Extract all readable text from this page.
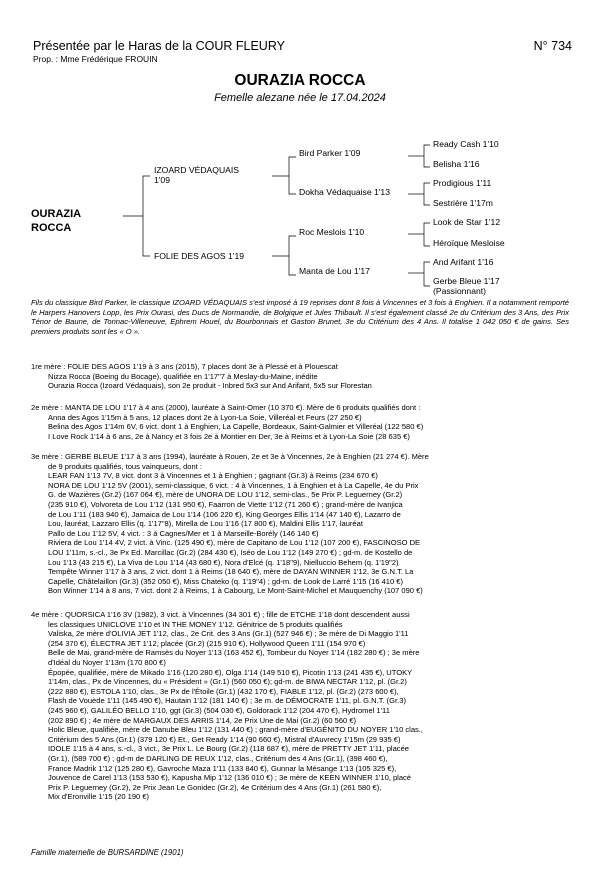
Présentée par le Haras de la COUR FLEURY
Prop. : Mme Frédérique FROUIN
N° 734
OURAZIA ROCCA
Femelle alezane née le 17.04.2024
OURAZIA
ROCCA
IZOARD VÉDAQUAIS
1'09
FOLIE DES AGOS 1'19
Bird Parker 1'09
Dokha Védaquaise 1'13
Roc Meslois 1'10
Manta de Lou 1'17
Ready Cash 1'10
Belisha 1'16
Prodigious 1'11
Sestrière 1'17m
Look de Star 1'12
Héroïque Mesloise
And Arifant 1'16
Gerbe Bleue 1'17
(Passionnant)
Fils du classique Bird Parker, le classique IZOARD VÉDAQUAIS s'est imposé à 19 reprises dont 8 fois à Vincennes et 3 fois à Enghien. Il a notamment remporté le Harpers Hanovers Lopp, les Prix Ourasi, des Ducs de Normandie, de Bolgique et Jules Thibault. Il s'est également classé 2e du Critérium des 3 Ans, des Prix Ténor de Baune, de Tonnac-Villeneuve, Ephrem Houel, du Bourbonnais et Gaston Brunet, 3e du Critérium des 4 Ans. Il totalise 1 042 050 € de gains. Ses premiers produits sont les « O ».

1re mère : FOLIE DES AGOS 1'19 à 3 ans (2015), 7 places dont 3e à Plessé et à Plouescat

Nizza Rocca (Boeing du Bocage), qualifiée en 1'17"7 à Meslay-du-Maine, inédite

Ourazia Rocca (Izoard Védaquais), son 2e produit - Inbred 5x3 sur And Arifant, 5x5 sur Florestan

2e mère : MANTA DE LOU 1'17 à 4 ans (2000), lauréate à Saint-Omer (10 370 €). Mère de 6 produits qualifiés dont :

Anna des Agos 1'15m à 5 ans, 12 places dont 2e à Lyon-La Soie, Villeréal et Feurs (27 250 €)

Belina des Agos 1'14m 6V, 6 vict. dont 1 à Enghien, La Capelle, Bordeaux, Saint-Galmier et Villeréal (122 580 €)

I Love Rock 1'14 à 6 ans, 2e à Nancy et 3 fois 2e à Montier en Der, 3e à Reims et à Lyon-La Soie (28 635 €)

3e mère : GERBE BLEUE 1'17 à 3 ans (1994), lauréate à Rouen, 2e et 3e à Vincennes, 2e à Enghien (21 274 €). Mère

de 9 produits qualifiés, tous vainqueurs, dont :

LEAR FAN 1'13 7V, 8 vict. dont 3 à Vincennes et 1 à Enghien ; gagnant (Gr.3) à Reims (234 670 €)

NORA DE LOU 1'12 5V (2001), semi-classique, 6 vict. : 4 à Vincennes, 1 à Enghien et à La Capelle, 4e du Prix

G. de Wazières (Gr.2) (167 064 €), mère de UNORA DE LOU 1'12, semi-clas., 5e Prix P. Leguerney (Gr.2)

(235 910 €), Volvoreta de Lou 1'12 (131 950 €), Faarron de Viette 1'12 (71 260 €) ; grand-mère de Ivanjica

de Lou 1'11 (183 940 €), Jamaica de Lou 1'14 (106 220 €), King Georges Ellis 1'14 (47 140 €), Lazarro de

Lou, lauréat, Lazzaro Ellis (q. 1'17"8), Mirella de Lou 1'16 (17 800 €), Maldini Ellis 1'17, lauréat

Pallo de Lou 1'12 5V, 4 vict. : 3 à Cagnes/Mer et 1 à Marseille-Borély (146 140 €)

Riviera de Lou 1'14 4V, 2 vict. à Vinc. (125 490 €), mère de Capitano de Lou 1'12 (107 200 €), FASCINOSO DE

LOU 1'11m, s.-cl., 3e Px Ed. Marcillac (Gr.2) (284 430 €), Iséo de Lou 1'12 (149 270 €) ; gd-m. de Kostello de

Lou 1'13 (43 215 €), La Viva de Lou 1'14 (43 680 €), Nora d'Elcé (q. 1'18"9), Nielluccio Behem (q. 1'19"2)

Tempête Winner 1'17 à 3 ans, 2 vict. dont 1 à Reims (18 640 €), mère de DAYAN WINNER 1'12, 3e G.N.T. La

Capelle, Châtelaillon (Gr.3) (352 050 €), Miss Chateko (q. 1'19"4) ; gd-m. de Look de Larré 1'15 (16 410 €)

Bon Winner 1'14 à 8 ans, 7 vict. dont 2 à Reims, 1 à Cabourg, Le Mont-Saint-Michel et Mauquenchy (107 090 €)

4e mère : QUORSICA 1'16 3V (1982), 3 vict. à Vincennes (34 301 €) ; fille de ETCHE 1'18 dont descendent aussi

les classiques UNICLOVE 1'10 et IN THE MONEY 1'12. Génitrice de 5 produits qualifiés

Valiska, 2e mère d'OLIVIA JET 1'12, clas., 2e Crit. des 3 Ans (Gr.1) (527 946 €) ; 3e mère de Di Maggio 1'11

(254 370 €), ÉLECTRA JET 1'12, placée (Gr.2) (215 910 €), Hollywood Queen 1'11 (154 970 €)

Belle de Mai, grand-mère de Ramsès du Noyer 1'13 (163 452 €), Tombeur du Noyer 1'14 (182 280 €) ; 3e mère

d'Idéal du Noyer 1'13m (170 800 €)

Épopée, qualifiée, mère de Mikado 1'16 (120 280 €), Olga 1'14 (149 510 €), Picotin 1'13 (241 435 €), UTOKY

1'14m, clas., Px de Vincennes, du « Président » (Gr.1) (560 050 €); gd-m. de BIWA NECTAR 1'12, pl. (Gr.2)

(222 880 €), ESTOLA 1'10, clas., 3e Px de l'Étoile (Gr.1) (432 170 €), FIABLE 1'12, pl. (Gr.2) (273 600 €),

Flash de Vouède 1'11 (145 490 €), Hautain 1'12 (181 140 €) ; 3e m. de DÉMOCRATE 1'11, pl. G.N.T. (Gr.3)

(245 960 €), GALILÉO BELLO 1'10, ggt (Gr.3) (504 030 €), Goldorack 1'12 (204 470 €), Hydromel 1'11

(202 890 €) ; 4e mère de MARGAUX DES ARRIS 1'14, 2e Prix Une de Mai (Gr.2) (60 560 €)

Holic Bleue, qualifiée, mère de Danube Bleu 1'12 (131 440 €) ; grand-mère d'EUGÉNITO DU NOYER 1'10 clas.,

Critérium des 5 Ans (Gr.1) (379 120 €) Et., Get Ready 1'14 (90 660 €), Mistral d'Auvrecy 1'15m (29 935 €)

IDOLE 1'15 à 4 ans, s.-cl., 3 vict., 3e Prix L. Le Bourg (Gr.2) (118 687 €), mère de PRETTY JET 1'11, placée

(Gr.1), (589 700 €) ; gd-m de DARLING DE REUX 1'12, clas., Critérium des 4 Ans (Gr.1), (398 460 €),

France Madrik 1'12 (125 280 €), Gavroche Maza 1'11 (133 840 €), Gunnar la Mésange 1'13 (105 325 €),

Jouvence de Carel 1'13 (153 530 €), Kapusha Mip 1'12 (136 010 €) ; 3e mère de KEEN WINNER 1'10, placé

Prix P. Leguerney (Gr.2), 2e Prix Jean Le Gonidec (Gr.2), 4e Critérium des 4 Ans (Gr.1) (261 580 €),

Mix d'Eronville 1'15 (20 190 €)

Famille maternelle de BURSARDINE (1901)
